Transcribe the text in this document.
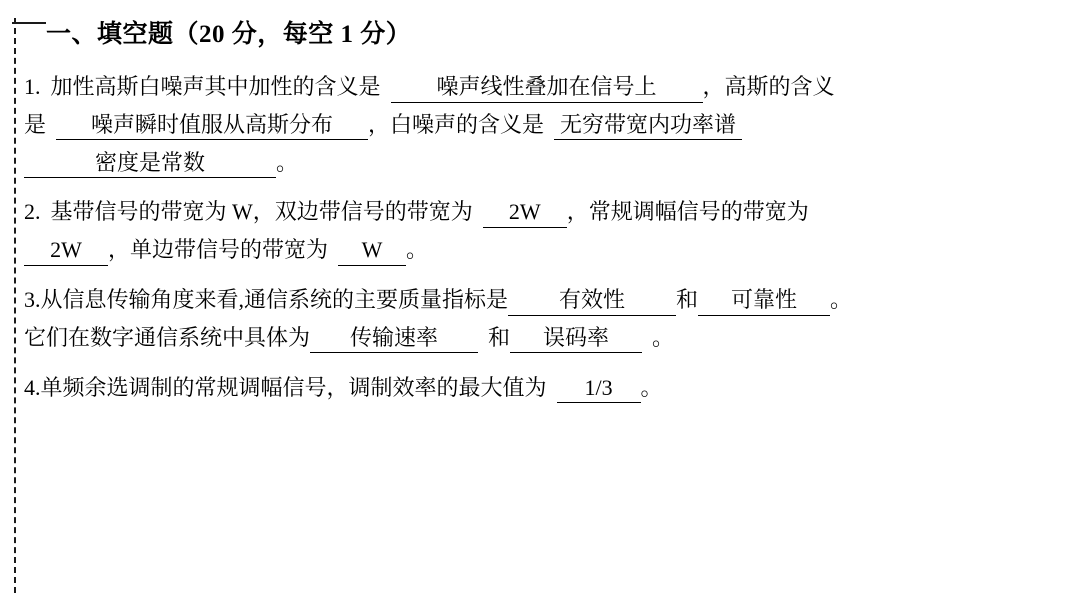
一、填空题（20 分，每空 1 分）
1. 加性高斯白噪声其中加性的含义是	噪声线性叠加在信号上 ，高斯的含义
是 噪声瞬时值服从高斯分布 ，白噪声的含义是 无穷带宽内功率谱
密度是常数	。
2. 基带信号的带宽为 W，双边带信号的带宽为 2W ，常规调幅信号的带宽为
2W ，单边带信号的带宽为 W 。
3.从信息传输角度来看,通信系统的主要质量指标是 有效性 和 可靠性 。
它们在数字通信系统中具体为 传输速率 和 误码率 。
4.单频余选调制的常规调幅信号，调制效率的最大值为 1/3 。
